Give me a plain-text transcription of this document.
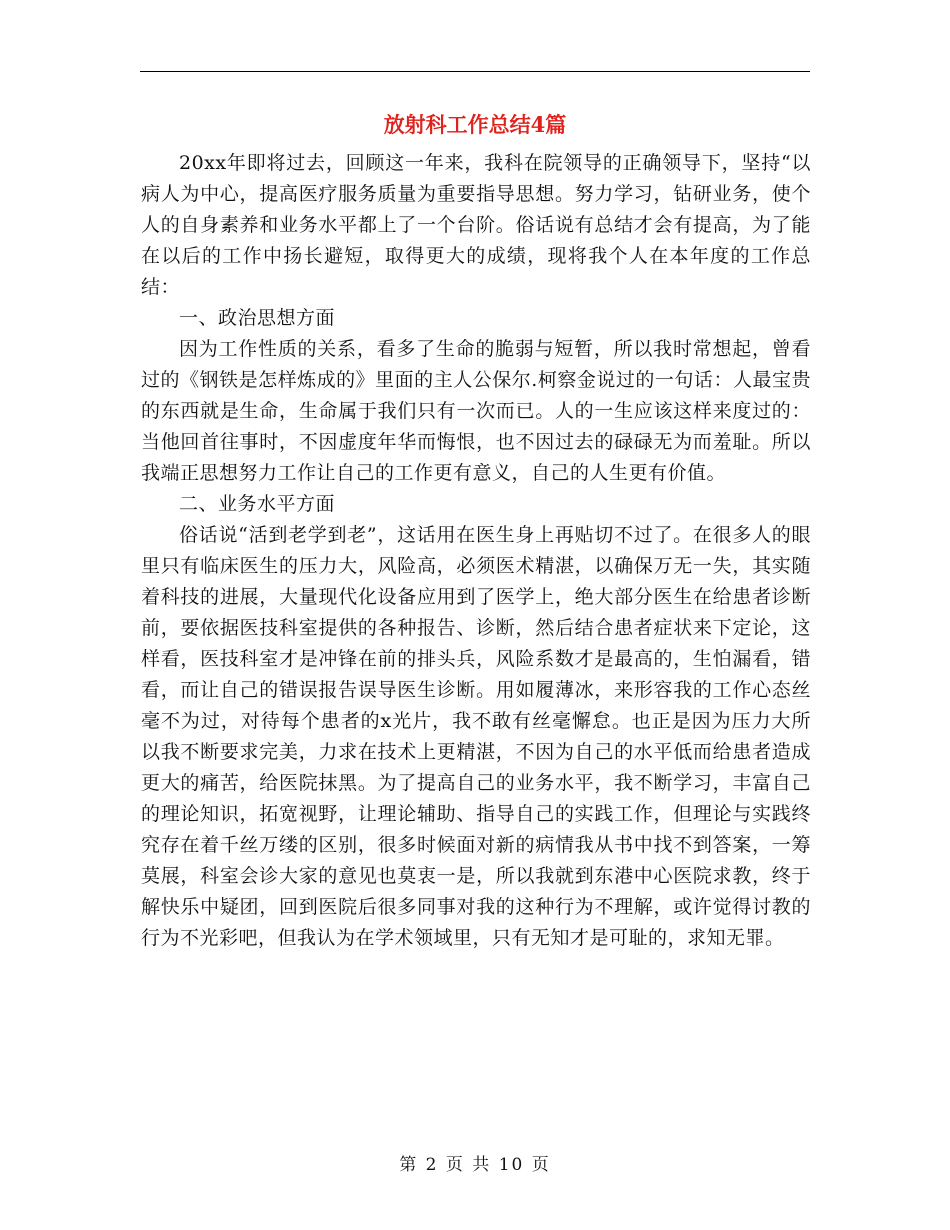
放射科工作总结4篇

20xx年即将过去，回顾这一年来，我科在院领导的正确领导下，坚持“以病人为中心，提高医疗服务质量为重要指导思想。努力学习，钻研业务，使个人的自身素养和业务水平都上了一个台阶。俗话说有总结才会有提高，为了能在以后的工作中扬长避短，取得更大的成绩，现将我个人在本年度的工作总结：

一、政治思想方面

因为工作性质的关系，看多了生命的脆弱与短暂，所以我时常想起，曾看过的《钢铁是怎样炼成的》里面的主人公保尔.柯察金说过的一句话：人最宝贵的东西就是生命，生命属于我们只有一次而已。人的一生应该这样来度过的：当他回首往事时，不因虚度年华而悔恨，也不因过去的碌碌无为而羞耻。所以我端正思想努力工作让自己的工作更有意义，自己的人生更有价值。

二、业务水平方面

俗话说“活到老学到老”，这话用在医生身上再贴切不过了。在很多人的眼里只有临床医生的压力大，风险高，必须医术精湛，以确保万无一失，其实随着科技的进展，大量现代化设备应用到了医学上，绝大部分医生在给患者诊断前，要依据医技科室提供的各种报告、诊断，然后结合患者症状来下定论，这样看，医技科室才是冲锋在前的排头兵，风险系数才是最高的，生怕漏看，错看，而让自己的错误报告误导医生诊断。用如履薄冰，来形容我的工作心态丝毫不为过，对待每个患者的x光片，我不敢有丝毫懈怠。也正是因为压力大所以我不断要求完美，力求在技术上更精湛，不因为自己的水平低而给患者造成更大的痛苦，给医院抹黑。为了提高自己的业务水平，我不断学习，丰富自己的理论知识，拓宽视野，让理论辅助、指导自己的实践工作，但理论与实践终究存在着千丝万缕的区别，很多时候面对新的病情我从书中找不到答案，一筹莫展，科室会诊大家的意见也莫衷一是，所以我就到东港中心医院求教，终于解快乐中疑团，回到医院后很多同事对我的这种行为不理解，或许觉得讨教的行为不光彩吧，但我认为在学术领域里，只有无知才是可耻的，求知无罪。

第 2 页 共 10 页
